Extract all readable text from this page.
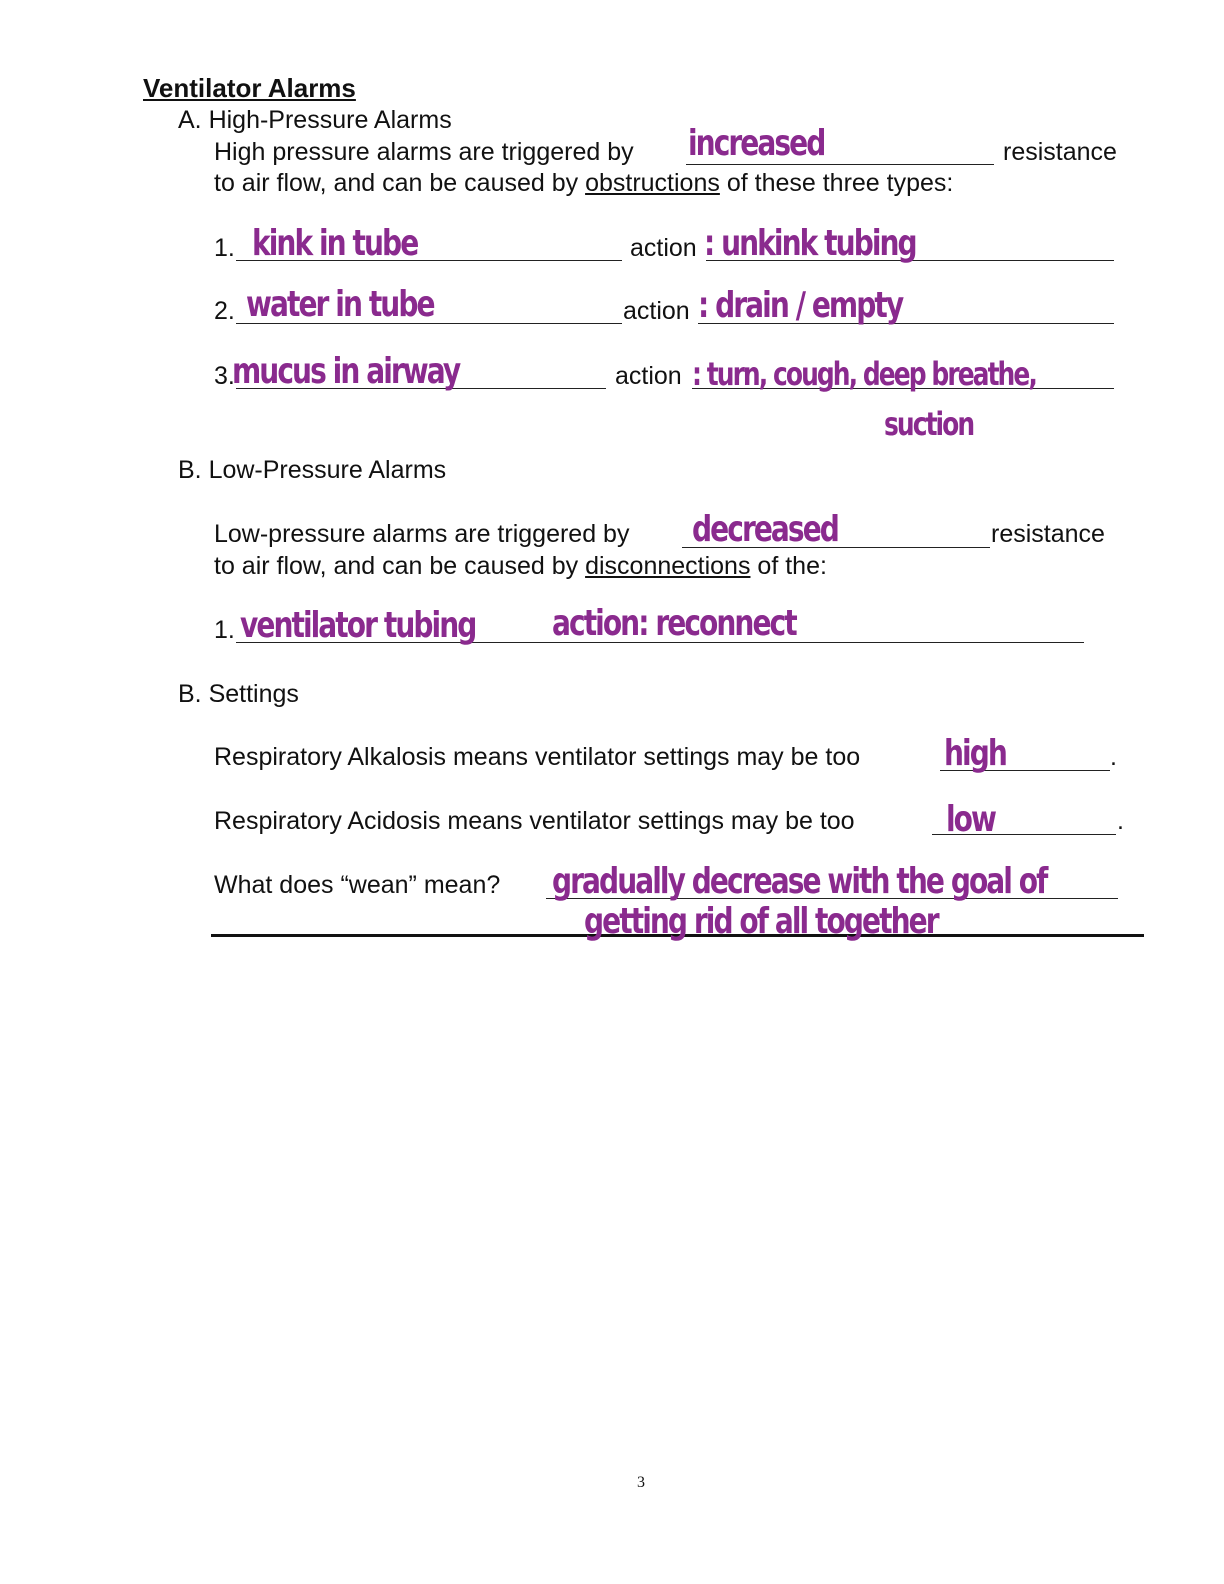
Ventilator Alarms
A. High-Pressure Alarms
High pressure alarms are triggered by increased	resistance
to air flow, and can be caused by obstructions of these three types:
1. kink in tube	action : unkink tubing
2. water in tube	action : drain / empty
3.
mucus in airway	action : turn, cough, deep breathe,
suction
B. Low-Pressure Alarms
Low-pressure alarms are triggered by decreased	resistance
to air flow, and can be caused by disconnections of the:
1. ventilator tubing action: reconnect
B. Settings
Respiratory Alkalosis means ventilator settings may be too high	.
Respiratory Acidosis means ventilator settings may be too	low	.
What does “wean” mean? gradually decrease with the goal of
getting rid of all together
3
